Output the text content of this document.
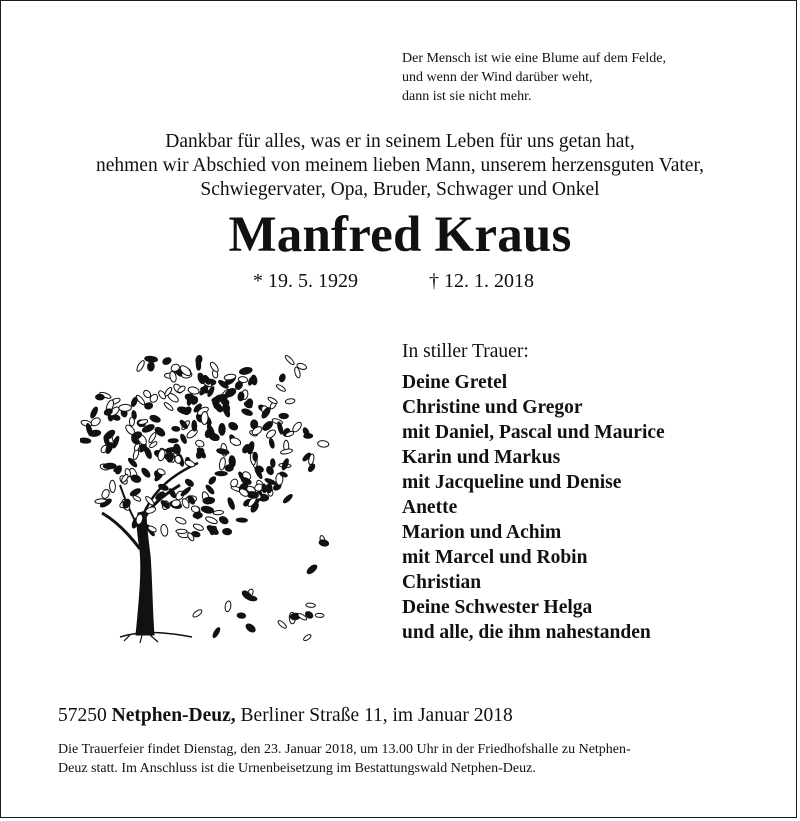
Der Mensch ist wie eine Blume auf dem Felde,
und wenn der Wind darüber weht,
dann ist sie nicht mehr.
Dankbar für alles, was er in seinem Leben für uns getan hat,
nehmen wir Abschied von meinem lieben Mann, unserem herzensguten Vater,
Schwiegervater, Opa, Bruder, Schwager und Onkel
Manfred Kraus
* 19. 5. 1929	† 12. 1. 2018
In stiller Trauer:
Deine Gretel
Christine und Gregor
mit Daniel, Pascal und Maurice
Karin und Markus
mit Jacqueline und Denise
Anette
Marion und Achim
mit Marcel und Robin
Christian
Deine Schwester Helga
und alle, die ihm nahestanden
57250 Netphen-Deuz, Berliner Straße 11, im Januar 2018
Die Trauerfeier findet Dienstag, den 23. Januar 2018, um 13.00 Uhr in der Friedhofshalle zu Netphen-
Deuz statt. Im Anschluss ist die Urnenbeisetzung im Bestattungswald Netphen-Deuz.
